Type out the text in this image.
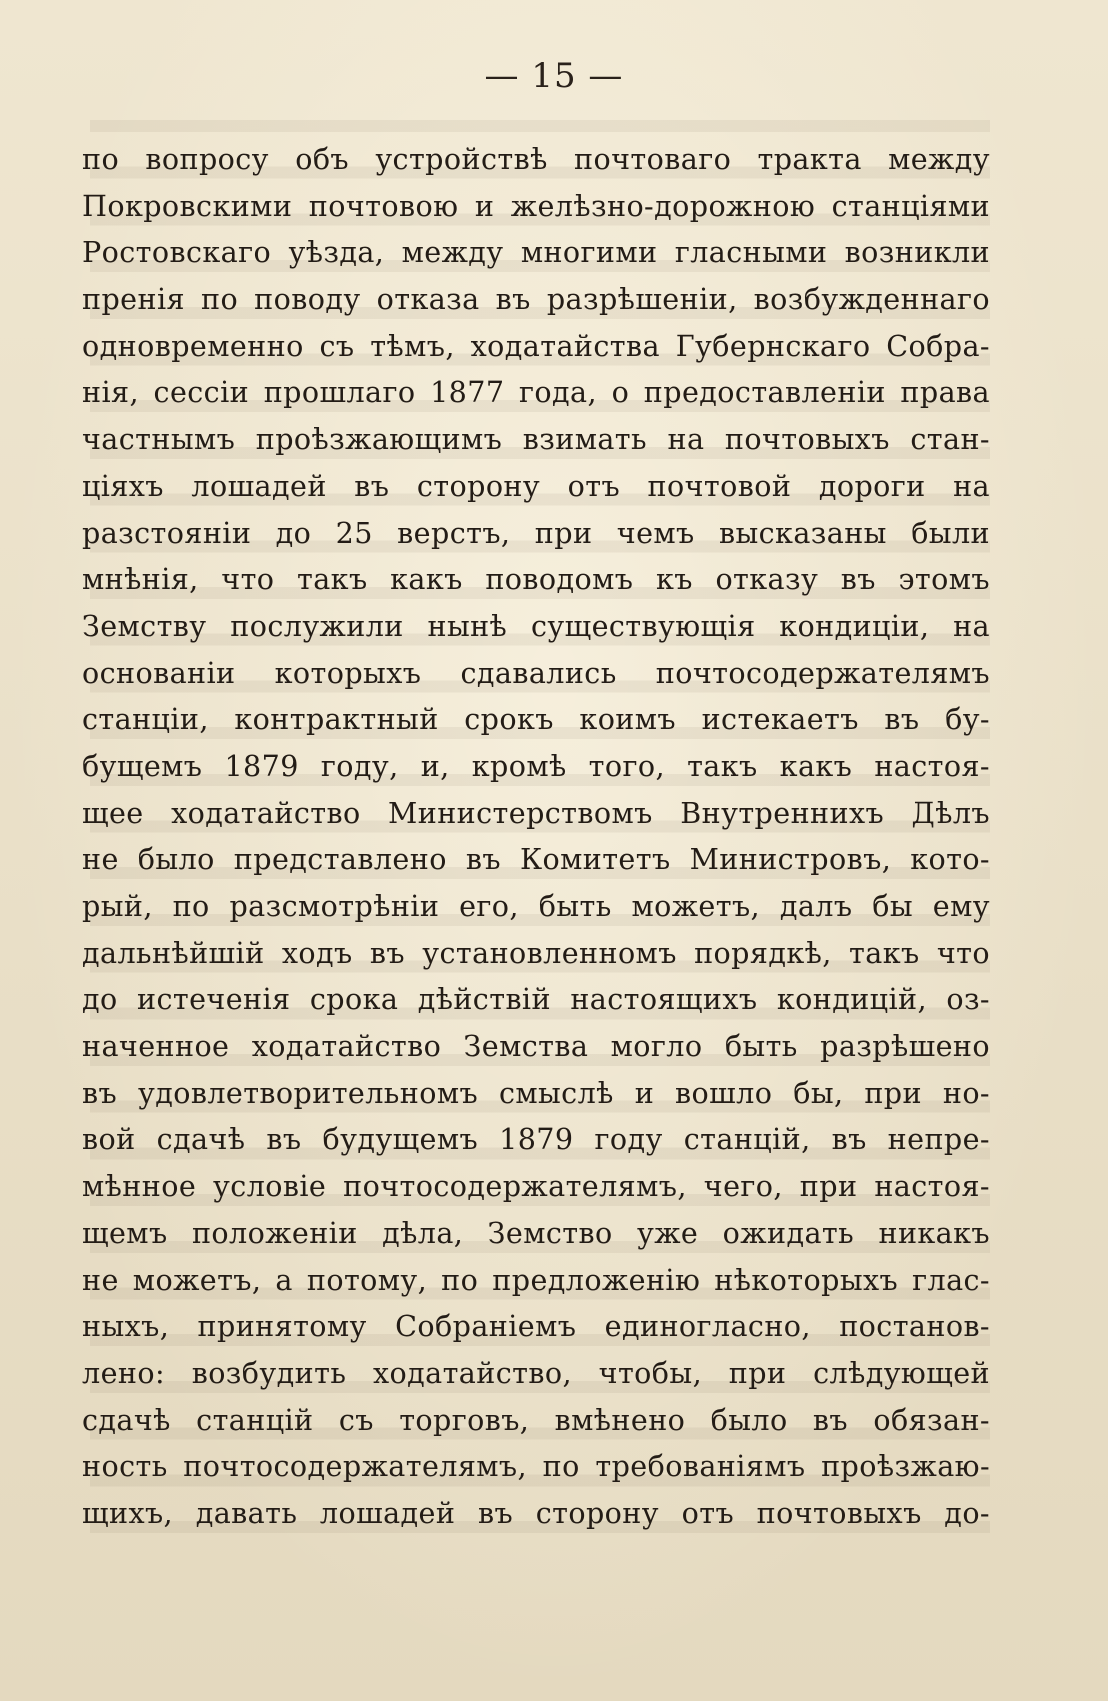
— 15 —
по вопросу объ устройствѣ почтоваго тракта между
Покровскими почтовою и желѣзно-дорожною станціями
Ростовскаго уѣзда, между многими гласными возникли
пренія по поводу отказа въ разрѣшеніи, возбужденнаго
одновременно съ тѣмъ, ходатайства Губернскаго Собра-
нія, сессіи прошлаго 1877 года, о предоставленіи права
частнымъ проѣзжающимъ взимать на почтовыхъ стан-
ціяхъ лошадей въ сторону отъ почтовой дороги на
разстояніи до 25 верстъ, при чемъ высказаны были
мнѣнія, что такъ какъ поводомъ къ отказу въ этомъ
Земству послужили нынѣ существующія кондиціи, на
основаніи которыхъ сдавались почтосодержателямъ
станціи, контрактный срокъ коимъ истекаетъ въ бу-
бущемъ 1879 году, и, кромѣ того, такъ какъ настоя-
щее ходатайство Министерствомъ Внутреннихъ Дѣлъ
не было представлено въ Комитетъ Министровъ, кото-
рый, по разсмотрѣніи его, быть можетъ, далъ бы ему
дальнѣйшій ходъ въ установленномъ порядкѣ, такъ что
до истеченія срока дѣйствій настоящихъ кондицій, оз-
наченное ходатайство Земства могло быть разрѣшено
въ удовлетворительномъ смыслѣ и вошло бы, при но-
вой сдачѣ въ будущемъ 1879 году станцій, въ непре-
мѣнное условіе почтосодержателямъ, чего, при настоя-
щемъ положеніи дѣла, Земство уже ожидать никакъ
не можетъ, а потому, по предложенію нѣкоторыхъ глас-
ныхъ, принятому Собраніемъ единогласно, постанов-
лено: возбудить ходатайство, чтобы, при слѣдующей
сдачѣ станцій съ торговъ, вмѣнено было въ обязан-
ность почтосодержателямъ, по требованіямъ проѣзжаю-
щихъ, давать лошадей въ сторону отъ почтовыхъ до-
